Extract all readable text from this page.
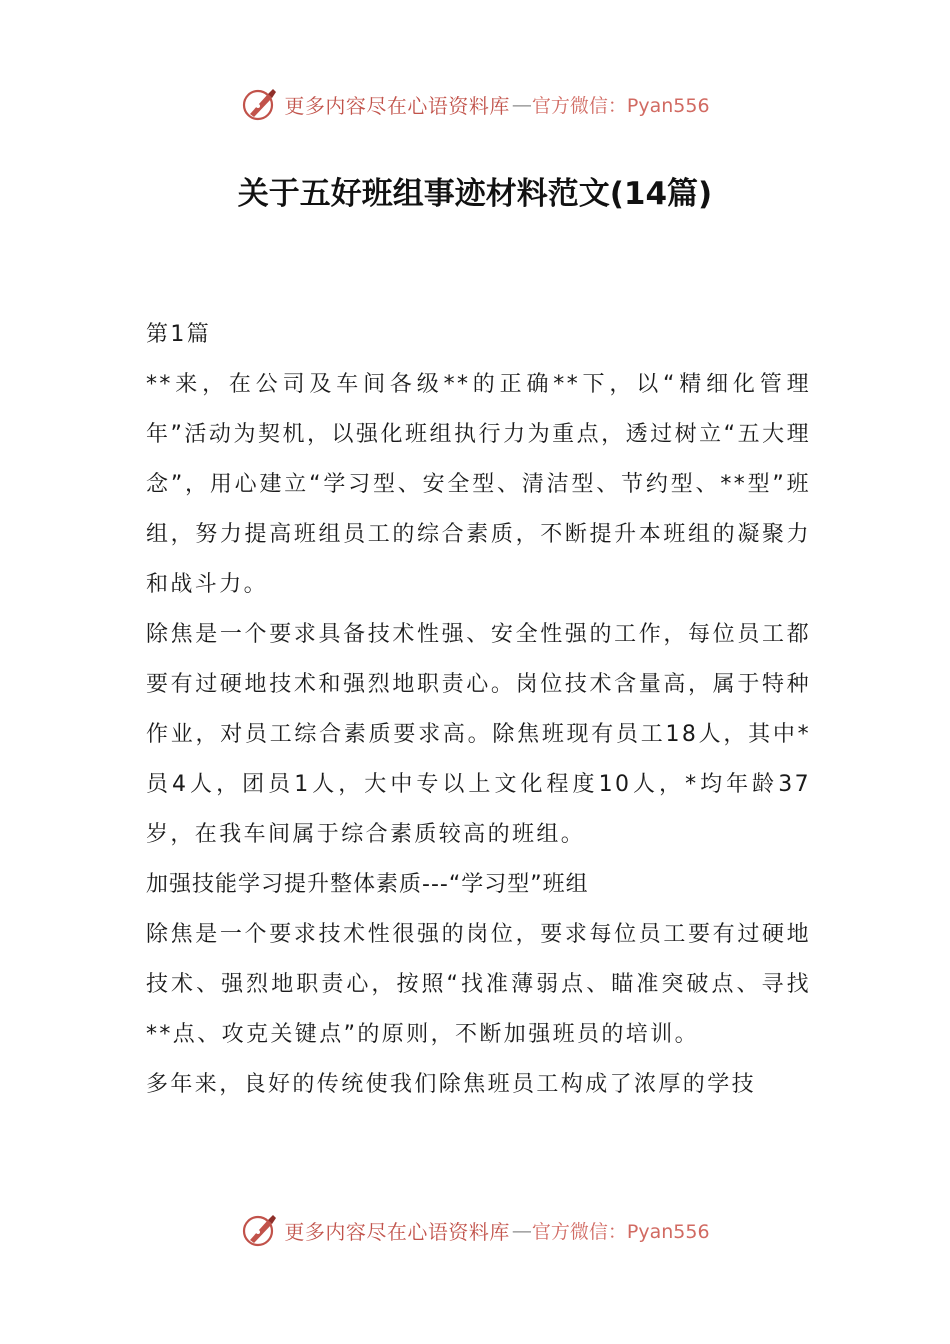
更多内容尽在心语资料库 — 官方微信：Pyan556
关于五好班组事迹材料范文(14篇)

第1篇

**来，在公司及车间各级**的正确**下，以“精细化管理年”活动为契机，以强化班组执行力为重点，透过树立“五大理念”，用心建立“学习型、安全型、清洁型、节约型、**型”班组，努力提高班组员工的综合素质，不断提升本班组的凝聚力和战斗力。

除焦是一个要求具备技术性强、安全性强的工作，每位员工都要有过硬地技术和强烈地职责心。岗位技术含量高，属于特种作业，对员工综合素质要求高。除焦班现有员工18人，其中*员4人，团员1人，大中专以上文化程度10人，*均年龄37岁，在我车间属于综合素质较高的班组。

加强技能学习提升整体素质---“学习型”班组

除焦是一个要求技术性很强的岗位，要求每位员工要有过硬地技术、强烈地职责心，按照“找准薄弱点、瞄准突破点、寻找**点、攻克关键点”的原则，不断加强班员的培训。

多年来，良好的传统使我们除焦班员工构成了浓厚的学技

更多内容尽在心语资料库 — 官方微信：Pyan556
